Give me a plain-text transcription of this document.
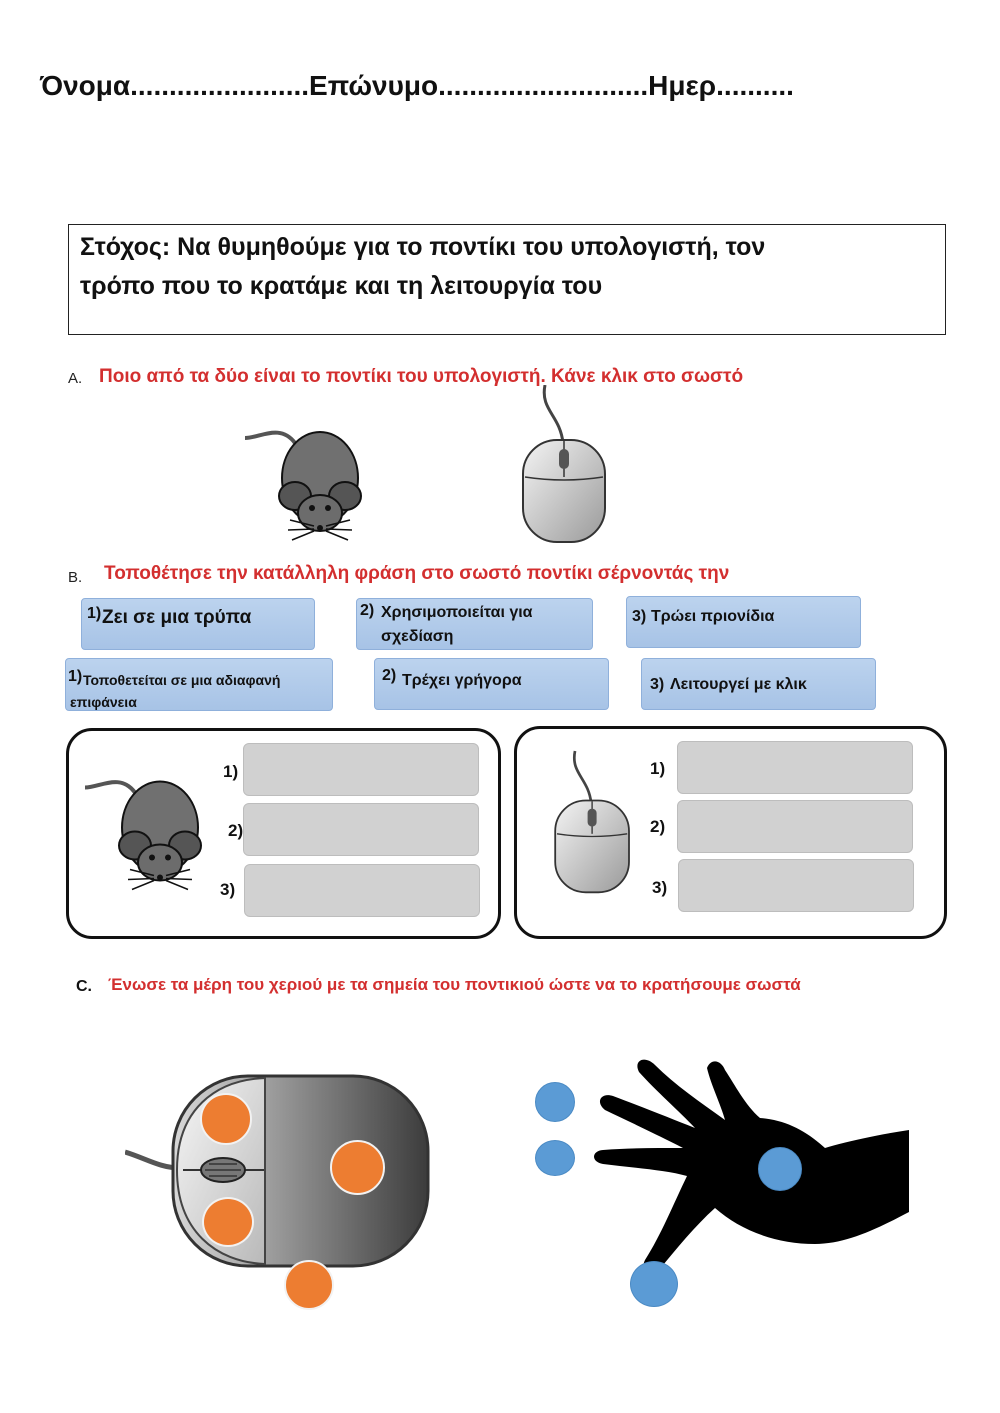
Όνομα.......................Επώνυμο...........................Ημερ..........
Στόχος: Να θυμηθούμε για το ποντίκι του υπολογιστή, τον
τρόπο που το κρατάμε και τη λειτουργία του
Α. Ποιο από τα δύο είναι το ποντίκι του υπολογιστή. Κάνε κλικ στο σωστό
Β. Τοποθέτησε την κατάλληλη φράση στο σωστό ποντίκι σέρνοντάς την
1) Ζει σε μια τρύπα	2) Χρησιμοποιείται για
σχεδίαση
3) Τρώει πριονίδια
1) Τοποθετείται σε μια αδιαφανή
επιφάνεια
2) Τρέχει γρήγορα	3) Λειτουργεί με κλικ
1)
2)
3)
1)
2)
3)
C. Ένωσε τα μέρη του χεριού με τα σημεία του ποντικιού ώστε να το κρατήσουμε σωστά
